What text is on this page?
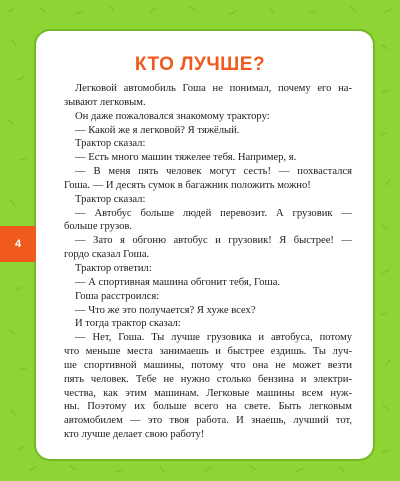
КТО ЛУЧШЕ?
Легковой автомобиль Гоша не понимал, почему его на-
зывают легковым.
Он даже пожаловался знакомому трактору:
— Какой же я легковой? Я тяжёлый.
Трактор сказал:
— Есть много машин тяжелее тебя. Например, я.
— В меня пять человек могут сесть! — похвастался
Гоша. — И десять сумок в багажник положить можно!
Трактор сказал:
— Автобус больше людей перевозит. А грузовик —
больше грузов.
— Зато я обгоню автобус и грузовик! Я быстрее! —
гордо сказал Гоша.
Трактор ответил:
— А спортивная машина обгонит тебя, Гоша.
Гоша расстроился:
— Что же это получается? Я хуже всех?
И тогда трактор сказал:
— Нет, Гоша. Ты лучше грузовика и автобуса, потому
что меньше места занимаешь и быстрее ездишь. Ты луч-
ше спортивной машины, потому что она не может везти
пять человек. Тебе не нужно столько бензина и электри-
чества, как этим машинам. Легковые машины всем нуж-
ны. Поэтому их больше всего на свете. Быть легковым
автомобилем — это твоя работа. И знаешь, лучший тот,
кто лучше делает свою работу!
4
